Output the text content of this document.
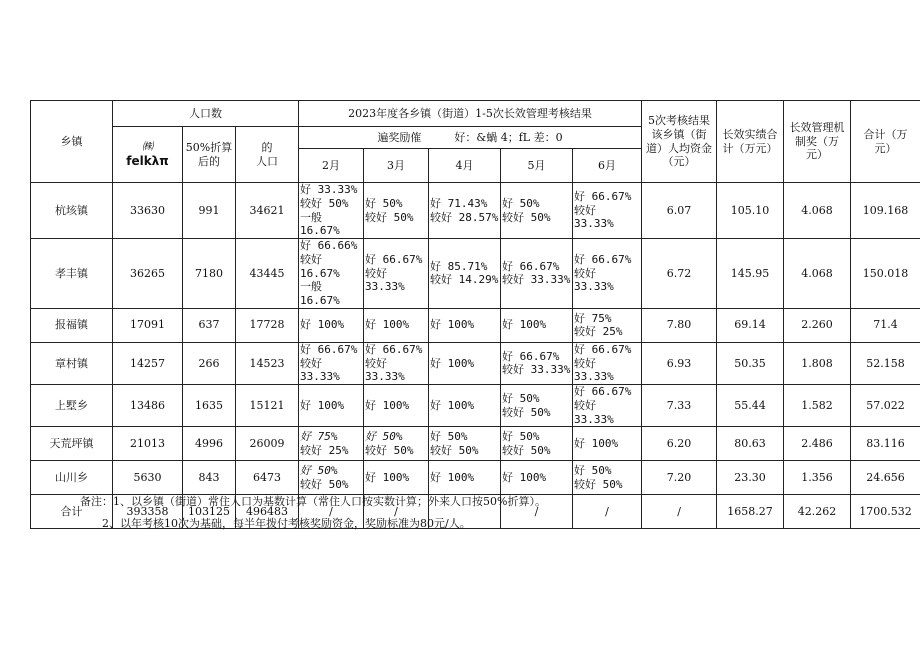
乡镇	人口数			2023年度各乡镇（街道）1-5次长效管理考核结果					5次考核结果该乡镇（街道）人均资金（元）	长效实绩合计（万元）	长效管理机制奖（万元）	合计（万元）

	㈱
felkλπ	50%折算后的	的
人口	遍奖励傕　　　好：&蝸 4；fL 差：0								
				2月	3月	4月	5月	6月				
杭垓镇	33630	991	34621	好 33.33%
较好 50%
一般 16.67%	好 50%
较好 50%	好 71.43%
较好 28.57%	好 50%
较好 50%	好 66.67%
较好 33.33%	6.07	105.10	4.068	109.168
孝丰镇	36265	7180	43445	好 66.66%
较好 16.67%
一般 16.67%	好 66.67%
较好 33.33%	好 85.71%
较好 14.29%	好 66.67%
较好 33.33%	好 66.67%
较好 33.33%	6.72	145.95	4.068	150.018
报福镇	17091	637	17728	好 100%	好 100%	好 100%	好 100%	好 75%
较好 25%	7.80	69.14	2.260	71.4
章村镇	14257	266	14523	好 66.67%
较好 33.33%	好 66.67%
较好 33.33%	好 100%	好 66.67%
较好 33.33%	好 66.67%
较好 33.33%	6.93	50.35	1.808	52.158
上墅乡	13486	1635	15121	好 100%	好 100%	好 100%	好 50%
较好 50%	好 66.67%
较好 33.33%	7.33	55.44	1.582	57.022
天荒坪镇	21013	4996	26009	好 75%
较好 25%	好 50%
较好 50%	好 50%
较好 50%	好 50%
较好 50%	好 100%	6.20	80.63	2.486	83.116
山川乡	5630	843	6473	好 50%
较好 50%	好 100%	好 100%	好 100%	好 50%
较好 50%	7.20	23.30	1.356	24.656
合计	393358	103125	496483	/	/		/	/	/	1658.27	42.262	1700.532
备注：1、以乡镇（街道）常住人口为基数计算（常住人口按实数计算；外来人口按50%折算）。
2、以年考核10次为基础，每半年拨付考核奖励资金，奖励标准为80元/人。
